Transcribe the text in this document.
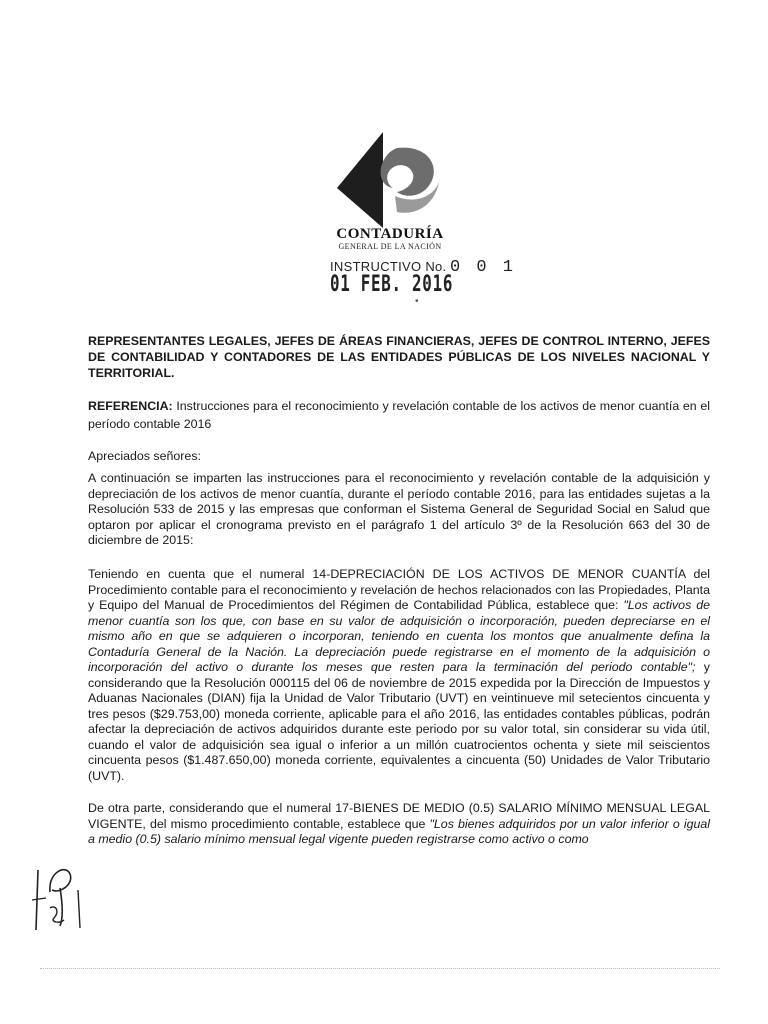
CONTADURÍA
GENERAL DE LA NACIÓN
INSTRUCTIVO No. 0 0 1
01 FEB. 2016
•
REPRESENTANTES LEGALES, JEFES DE ÁREAS FINANCIERAS, JEFES DE CONTROL INTERNO, JEFES DE CONTABILIDAD Y CONTADORES DE LAS ENTIDADES PÚBLICAS DE LOS NIVELES NACIONAL Y TERRITORIAL.
REFERENCIA: Instrucciones para el reconocimiento y revelación contable de los activos de menor cuantía en el período contable 2016
Apreciados señores:
A continuación se imparten las instrucciones para el reconocimiento y revelación contable de la adquisición y depreciación de los activos de menor cuantía, durante el período contable 2016, para las entidades sujetas a la Resolución 533 de 2015 y las empresas que conforman el Sistema General de Seguridad Social en Salud que optaron por aplicar el cronograma previsto en el parágrafo 1 del artículo 3º de la Resolución 663 del 30 de diciembre de 2015:
Teniendo en cuenta que el numeral 14-DEPRECIACIÓN DE LOS ACTIVOS DE MENOR CUANTÍA del Procedimiento contable para el reconocimiento y revelación de hechos relacionados con las Propiedades, Planta y Equipo del Manual de Procedimientos del Régimen de Contabilidad Pública, establece que: "Los activos de menor cuantía son los que, con base en su valor de adquisición o incorporación, pueden depreciarse en el mismo año en que se adquieren o incorporan, teniendo en cuenta los montos que anualmente defina la Contaduría General de la Nación. La depreciación puede registrarse en el momento de la adquisición o incorporación del activo o durante los meses que resten para la terminación del periodo contable"; y considerando que la Resolución 000115 del 06 de noviembre de 2015 expedida por la Dirección de Impuestos y Aduanas Nacionales (DIAN) fija la Unidad de Valor Tributario (UVT) en veintinueve mil setecientos cincuenta y tres pesos ($29.753,00) moneda corriente, aplicable para el año 2016, las entidades contables públicas, podrán afectar la depreciación de activos adquiridos durante este periodo por su valor total, sin considerar su vida útil, cuando el valor de adquisición sea igual o inferior a un millón cuatrocientos ochenta y siete mil seiscientos cincuenta pesos ($1.487.650,00) moneda corriente, equivalentes a cincuenta (50) Unidades de Valor Tributario (UVT).
De otra parte, considerando que el numeral 17-BIENES DE MEDIO (0.5) SALARIO MÍNIMO MENSUAL LEGAL VIGENTE, del mismo procedimiento contable, establece que "Los bienes adquiridos por un valor inferior o igual a medio (0.5) salario mínimo mensual legal vigente pueden registrarse como activo o como
